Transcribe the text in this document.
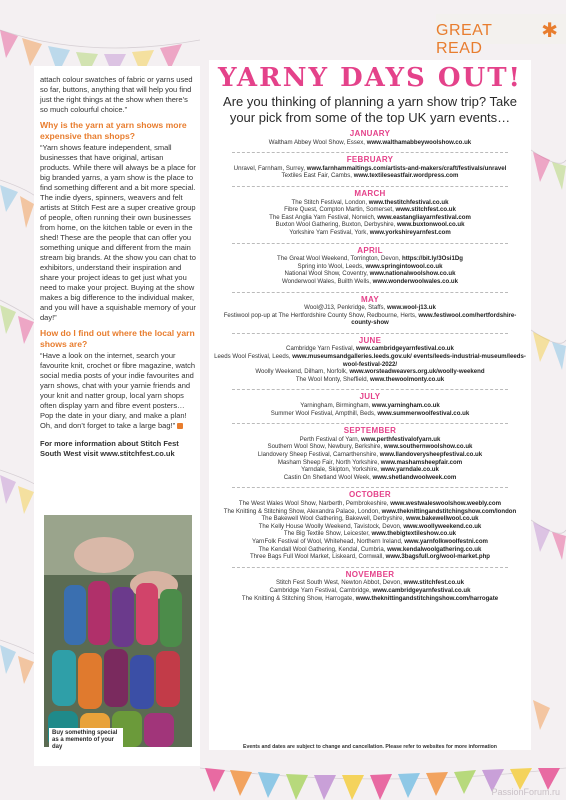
GREAT READ
✱

attach colour swatches of fabric or yarns used so far, buttons, anything that will help you find just the right things at the show when there’s so much colourful choice.”

Why is the yarn at yarn shows more expensive than shops?

“Yarn shows feature independent, small businesses that have original, artisan products. While there will always be a place for big branded yarns, a yarn show is the place to find something different and a bit more special. The indie dyers, spinners, weavers and felt artists at Stitch Fest are a super creative group of people, often running their own businesses from home, on the kitchen table or even in the shed! These are the people that can offer you something unique and different from the main stream big brands. At the show you can chat to exhibitors, understand their inspiration and share your project ideas to get just what you need to make your project. Buying at the show makes a big difference to the individual maker, and you will have a squishable memory of your day!”

How do I find out where the local yarn shows are?

“Have a look on the internet, search your favourite knit, crochet or fibre magazine, watch social media posts of your indie favourites and yarn shows, chat with your yarnie friends and your knit and natter group, local yarn shops often display yarn and fibre event posters… Pop the date in your diary, and make a plan! Oh, and don’t forget to take a large bag!”

For more information about Stitch Fest South West visit www.stitchfest.co.uk

Buy something special as a memento of your day
YARNY DAYS OUT!
Are you thinking of planning a yarn show trip? Take your pick from some of the top UK yarn events…
JANUARY
Waltham Abbey Wool Show, Essex, www.walthamabbeywoolshow.co.uk
FEBRUARY
Unravel, Farnham, Surrey, www.farnhammaltings.com/artists-and-makers/craft/festivals/unravel
Textiles East Fair, Cambs, www.textileseastfair.wordpress.com
MARCH
The Stitch Festival, London, www.thestitchfestival.co.uk
Fibre Quest, Compton Martin, Somerset, www.stitchfest.co.uk
The East Anglia Yarn Festival, Norwich, www.eastangliayarnfestival.com
Buxton Wool Gathering, Buxton, Derbyshire, www.buxtonwool.co.uk
Yorkshire Yarn Festival, York, www.yorkshireyarnfest.com
APRIL
The Great Wool Weekend, Torrington, Devon, https://bit.ly/3Osi1Dg
Spring into Wool, Leeds, www.springintowool.co.uk
National Wool Show, Coventry, www.nationalwoolshow.co.uk
Wonderwool Wales, Builth Wells, www.wonderwoolwales.co.uk
MAY
Wool@J13, Penkridge, Staffs, www.wool-j13.uk
Festiwool pop-up at The Hertfordshire County Show, Redbourne, Herts, www.festiwool.com/hertfordshire-county-show
JUNE
Cambridge Yarn Festival, www.cambridgeyarnfestival.co.uk
Leeds Wool Festival, Leeds, www.museumsandgalleries.leeds.gov.uk/ events/leeds-industrial-museum/leeds-wool-festival-2022/
Woolly Weekend, Dilham, Norfolk, www.worsteadweavers.org.uk/woolly-weekend
The Wool Monty, Sheffield, www.thewoolmonty.co.uk
JULY
Yarningham, Birmingham, www.yarningham.co.uk
Summer Wool Festival, Ampthill, Beds, www.summerwoolfestival.co.uk
SEPTEMBER
Perth Festival of Yarn, www.perthfestivalofyarn.uk
Southern Wool Show, Newbury, Berkshire, www.southernwoolshow.co.uk
Llandovery Sheep Festival, Camarthenshire, www.llandoverysheepfestival.co.uk
Masham Sheep Fair, North Yorkshire, www.mashamsheepfair.com
Yarndale, Skipton, Yorkshire, www.yarndale.co.uk
Castin On Shetland Wool Week, www.shetlandwoolweek.com
OCTOBER
The West Wales Wool Show, Narberth, Pembrokeshire, www.westwaleswoolshow.weebly.com
The Knitting & Stitching Show, Alexandra Palace, London, www.theknittingandstitchingshow.com/london
The Bakewell Wool Gathering, Bakewell, Derbyshire, www.bakewellwool.co.uk
The Kelly House Woolly Weekend, Tavistock, Devon, www.woollyweekend.co.uk
The Big Textile Show, Leicester, www.thebigtextileshow.co.uk
YarnFolk Festival of Wool, Whitehead, Northern Ireland, www.yarnfolkwoolfestni.com
The Kendall Wool Gathering, Kendal, Cumbria, www.kendalwoolgathering.co.uk
Three Bags Full Wool Market, Liskeard, Cornwall, www.3bagsfull.org/wool-market.php
NOVEMBER
Stitch Fest South West, Newton Abbot, Devon, www.stitchfest.co.uk
Cambridge Yarn Festival, Cambridge, www.cambridgeyarnfestival.co.uk
The Knitting & Stitching Show, Harrogate, www.theknittingandstitchingshow.com/harrogate
Events and dates are subject to change and cancellation. Please refer to websites for more information
PassionForum.ru
